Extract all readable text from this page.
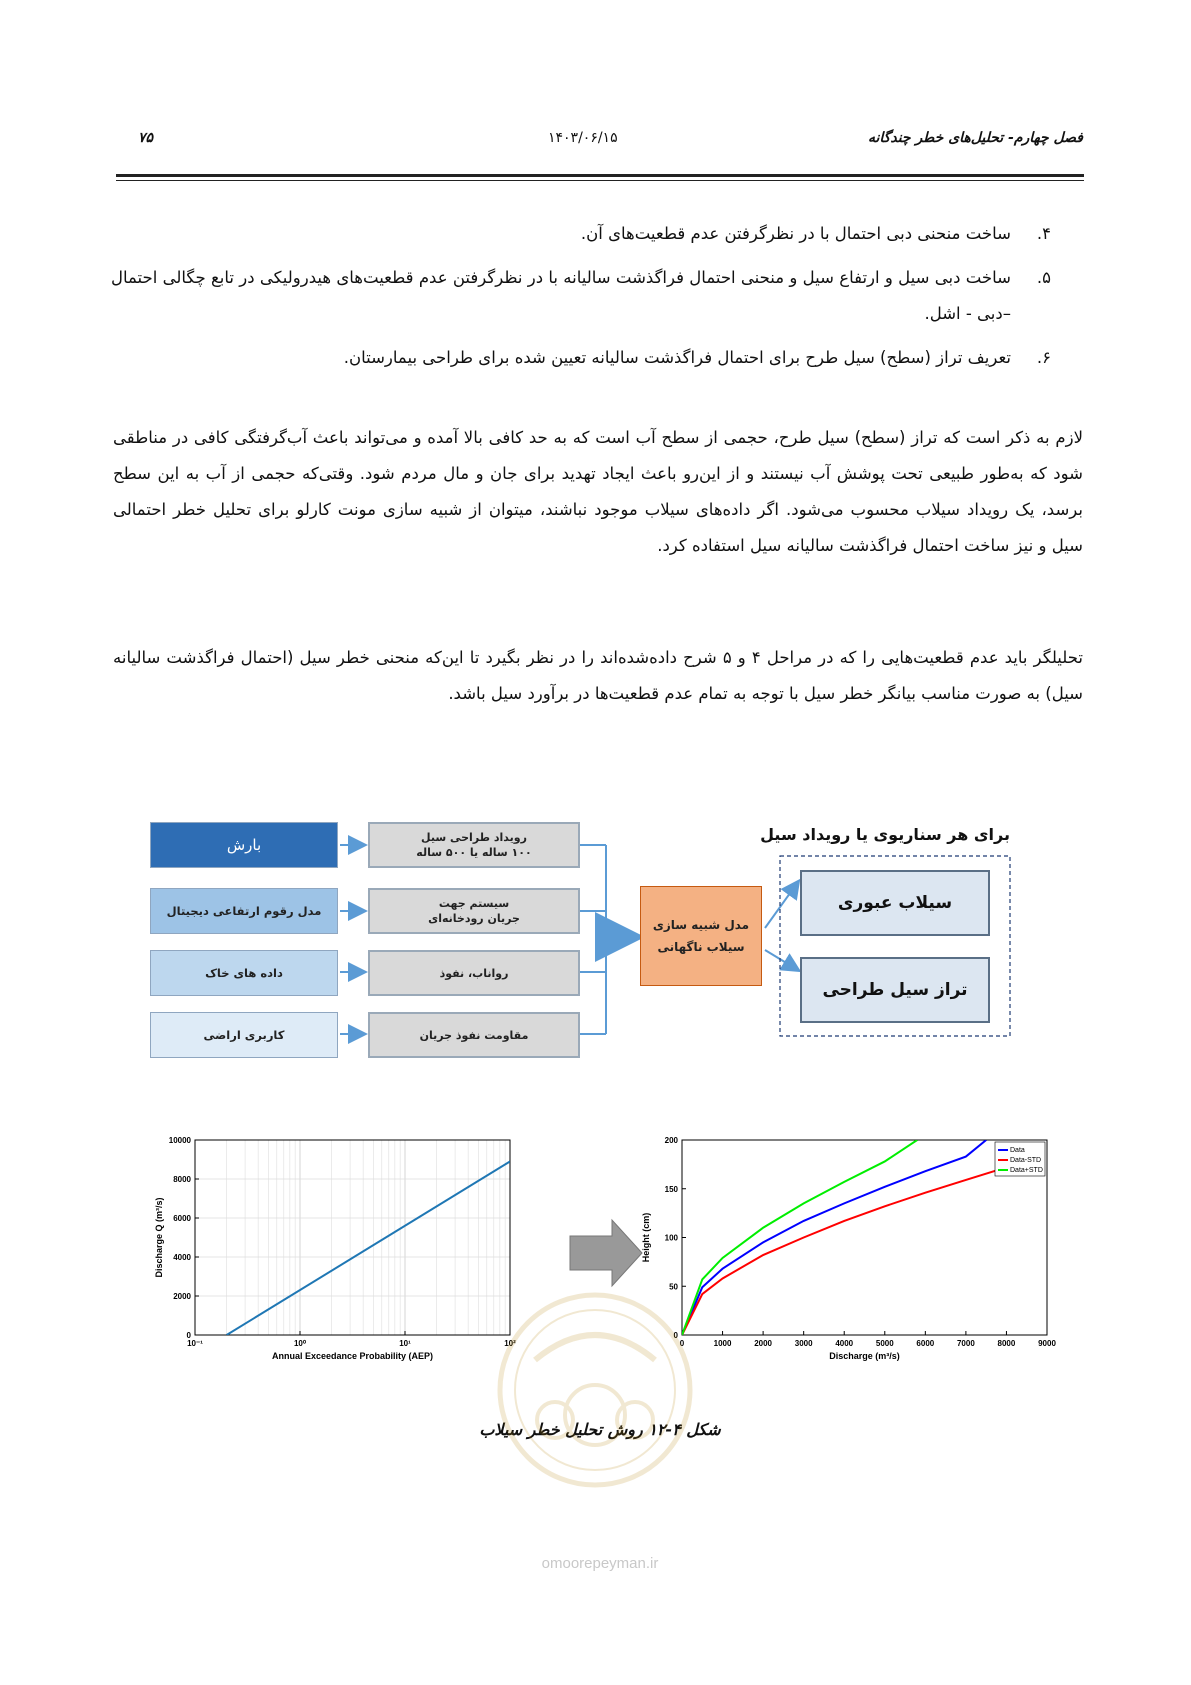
۷۵	۱۴۰۳/۰۶/۱۵	فصل چهارم- تحلیل‌های خطر چندگانه
۴.
ساخت منحنی دبی احتمال با در نظرگرفتن عدم قطعیت‌های آن.
۵.
ساخت دبی سیل و ارتفاع سیل و منحنی احتمال فراگذشت سالیانه با در نظرگرفتن عدم قطعیت‌های هیدرولیکی در تابع چگالی احتمال –دبی - اشل.
۶.
تعریف تراز (سطح) سیل طرح برای احتمال فراگذشت سالیانه تعیین شده برای طراحی بیمارستان.
لازم به ذکر است که تراز (سطح) سیل طرح، حجمی از سطح آب است که به حد کافی بالا آمده و می‌تواند باعث آب‌گرفتگی کافی در مناطقی شود که به‌طور طبیعی تحت پوشش آب نیستند و از این‌رو باعث ایجاد تهدید برای جان و مال مردم شود. وقتی‌که حجمی از آب به این سطح برسد، یک رویداد سیلاب محسوب می‌شود. اگر داده‌های سیلاب موجود نباشند، میتوان از شبیه سازی مونت کارلو برای تحلیل خطر احتمالی سیل و نیز ساخت احتمال فراگذشت سالیانه سیل استفاده کرد.
تحلیلگر باید عدم قطعیت‌هایی را که در مراحل ۴ و ۵ شرح داده‌شده‌اند را در نظر بگیرد تا این‌که منحنی خطر سیل (احتمال فراگذشت سالیانه سیل) به صورت مناسب بیانگر خطر سیل با توجه به تمام عدم قطعیت‌ها در برآورد سیل باشد.
بارش
مدل رقوم ارتفاعی دیجیتال
داده های خاک
کاربری اراضی
رویداد طراحی سیل
۱۰۰ ساله یا ۵۰۰ ساله
سیستم جهت
جریان رودخانه‌ای
رواناب، نفوذ
مقاومت نفوذ جریان
مدل شبیه سازی
سیلاب ناگهانی
برای هر سناریوی یا رویداد سیل
سیلاب عبوری
تراز سیل طراحی
0
2000
4000
6000
8000
10000
10⁻¹	10⁰	10¹	10²
Annual Exceedance Probability (AEP)
Discharge Q (m³/s)
0
50
100
150
200
0	1000	2000	3000	4000	5000	6000	7000	8000	9000
Discharge (m³/s)
Height (cm)
Data
Data-STD
Data+STD
شکل ۴-۱۲ روش تحلیل خطر سیلاب
omoorepeyman.ir
